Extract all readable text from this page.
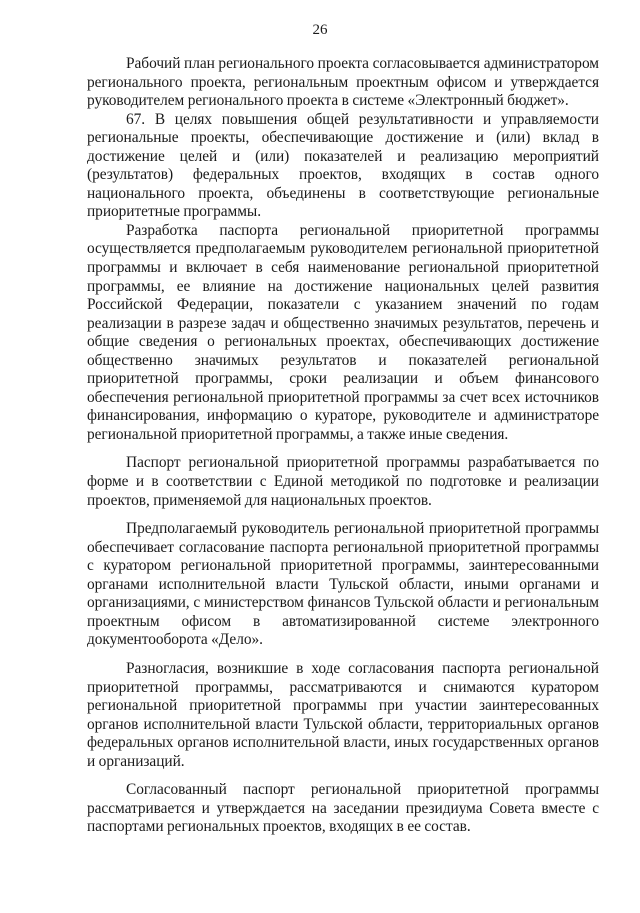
26

Рабочий план регионального проекта согласовывается администратором регионального проекта, региональным проектным офисом и утверждается руководителем регионального проекта в системе «Электронный бюджет».

67. В целях повышения общей результативности и управляемости региональные проекты, обеспечивающие достижение и (или) вклад в достижение целей и (или) показателей и реализацию мероприятий (результатов) федеральных проектов, входящих в состав одного национального проекта, объединены в соответствующие региональные приоритетные программы.

Разработка паспорта региональной приоритетной программы осуществляется предполагаемым руководителем региональной приоритетной программы и включает в себя наименование региональной приоритетной программы, ее влияние на достижение национальных целей развития Российской Федерации, показатели с указанием значений по годам реализации в разрезе задач и общественно значимых результатов, перечень и общие сведения о региональных проектах, обеспечивающих достижение общественно значимых результатов и показателей региональной приоритетной программы, сроки реализации и объем финансового обеспечения региональной приоритетной программы за счет всех источников финансирования, информацию о кураторе, руководителе и администраторе региональной приоритетной программы, а также иные сведения.

Паспорт региональной приоритетной программы разрабатывается по форме и в соответствии с Единой методикой по подготовке и реализации проектов, применяемой для национальных проектов.

Предполагаемый руководитель региональной приоритетной программы обеспечивает согласование паспорта региональной приоритетной программы с куратором региональной приоритетной программы, заинтересованными органами исполнительной власти Тульской области, иными органами и организациями, с министерством финансов Тульской области и региональным проектным офисом в автоматизированной системе электронного документооборота «Дело».

Разногласия, возникшие в ходе согласования паспорта региональной приоритетной программы, рассматриваются и снимаются куратором региональной приоритетной программы при участии заинтересованных органов исполнительной власти Тульской области, территориальных органов федеральных органов исполнительной власти, иных государственных органов и организаций.

Согласованный паспорт региональной приоритетной программы рассматривается и утверждается на заседании президиума Совета вместе с паспортами региональных проектов, входящих в ее состав.
